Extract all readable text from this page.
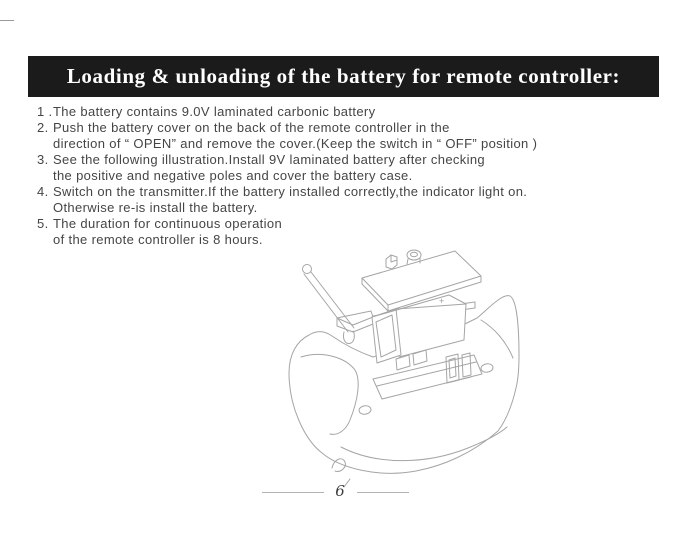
Loading & unloading of the battery for remote controller:
1 . The battery contains 9.0V laminated carbonic battery
2. Push the battery cover on the back of the remote controller in the
direction of “ OPEN” and remove the cover.(Keep the switch in “ OFF” position )
3. See the following illustration.Install 9V laminated battery after checking
the positive and negative poles and cover the battery case.
4. Switch on the transmitter.If the battery installed correctly,the indicator light on.
Otherwise re-is install the battery.
5. The duration for continuous operation
of the remote controller is 8 hours.
+
6
